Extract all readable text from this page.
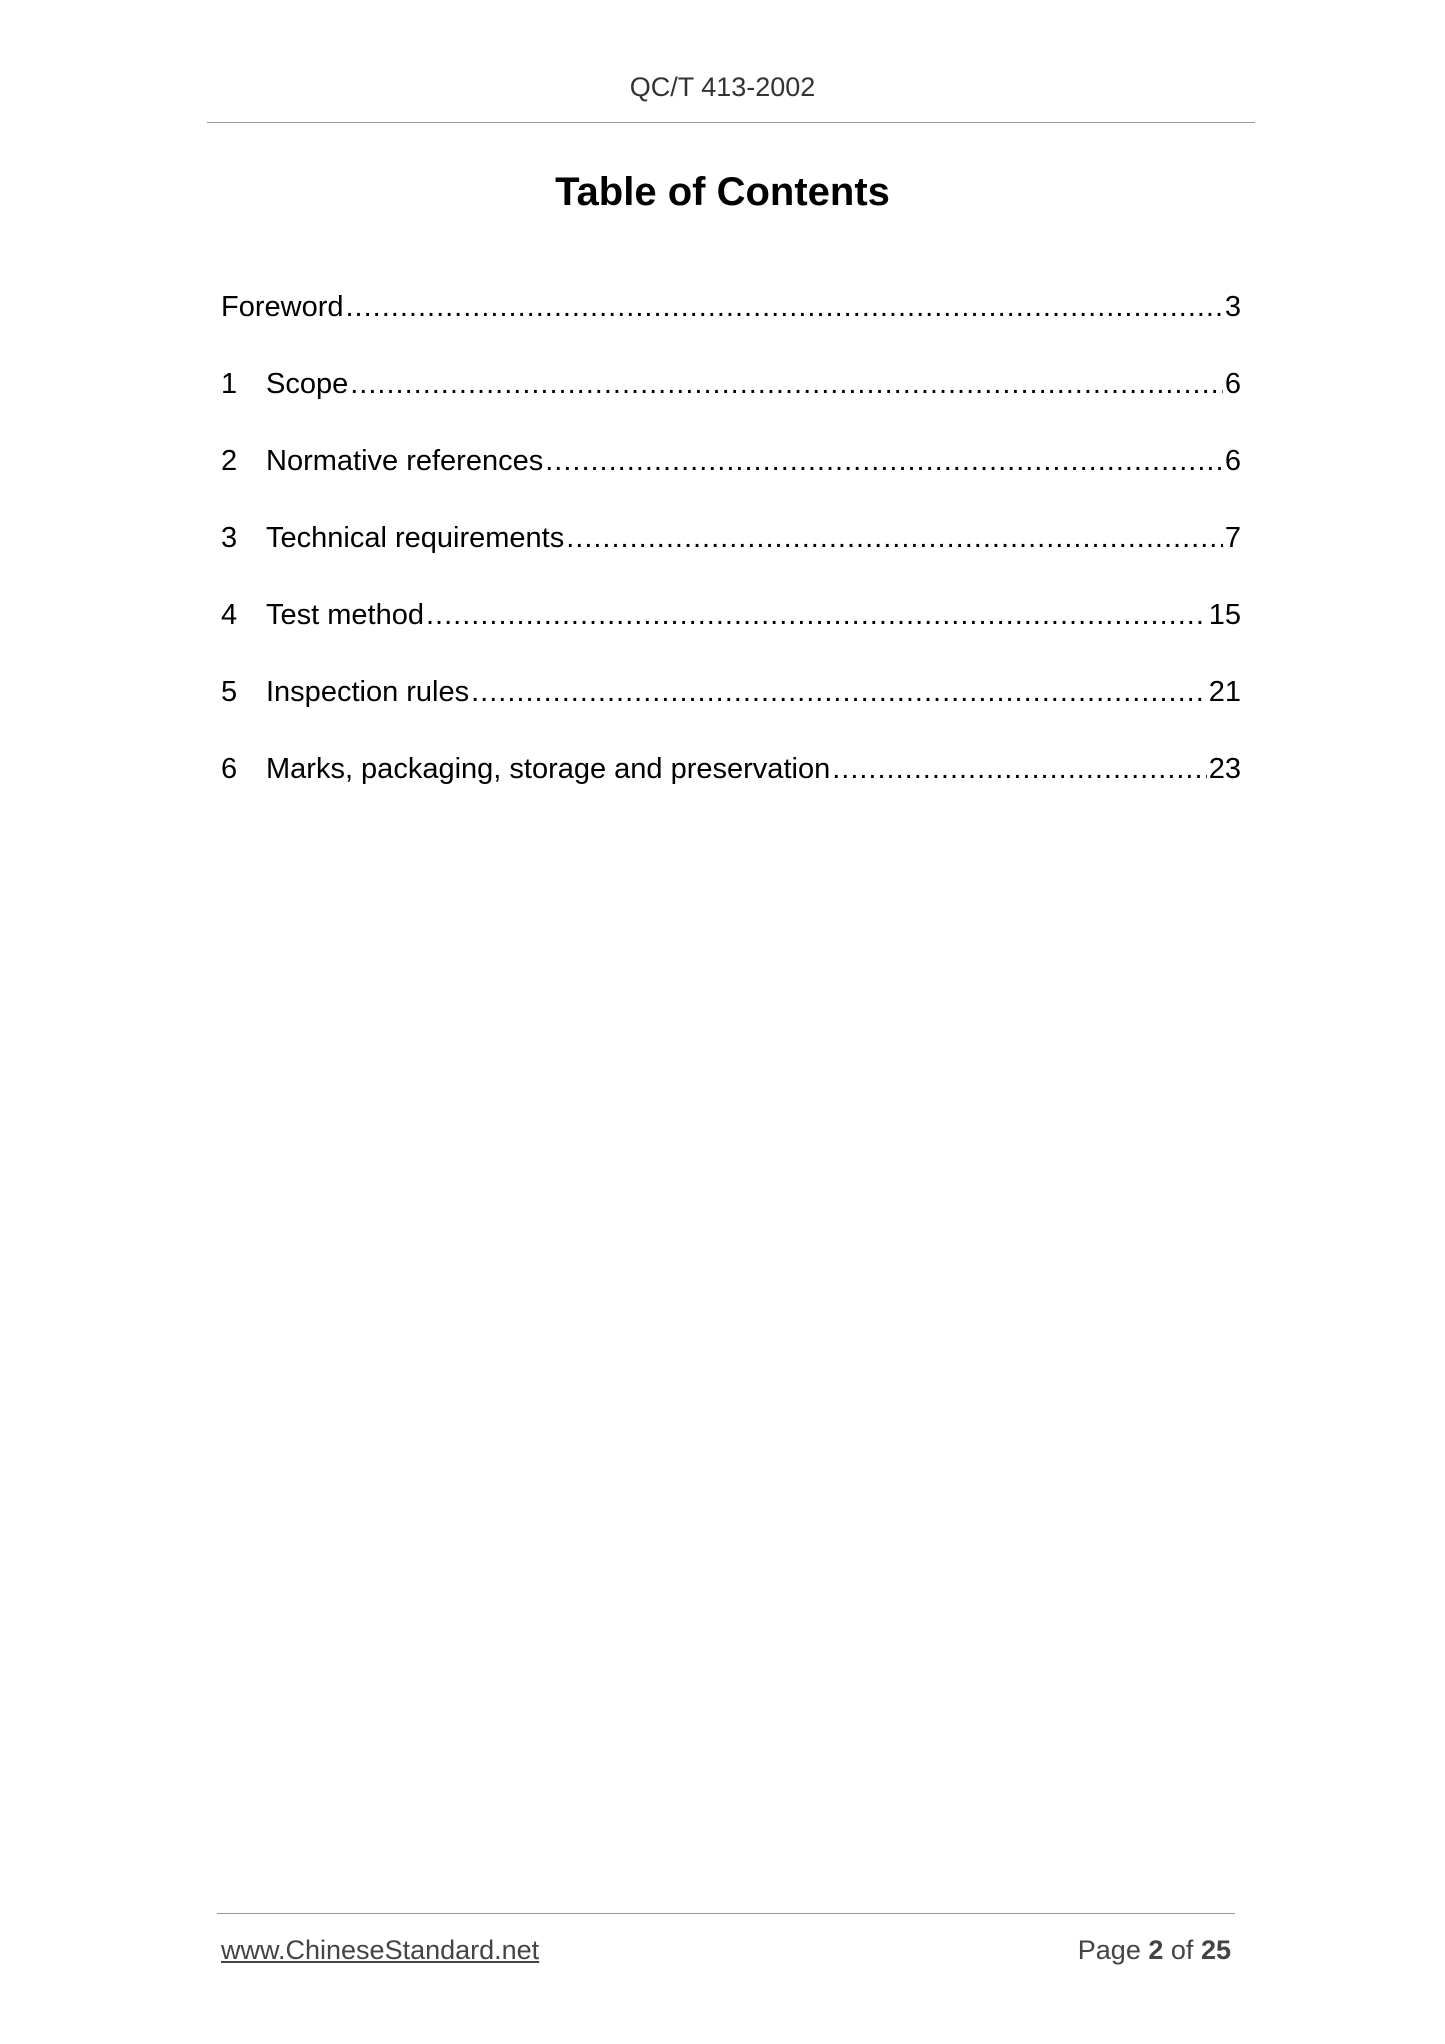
QC/T 413-2002
Table of Contents
Foreword .....	3
1 Scope .....	6
2 Normative references .....	6
3 Technical requirements .....	7
4 Test method .....	15
5 Inspection rules .....	21
6 Marks, packaging, storage and preservation .....	23
www.ChineseStandard.net	Page 2 of 25
